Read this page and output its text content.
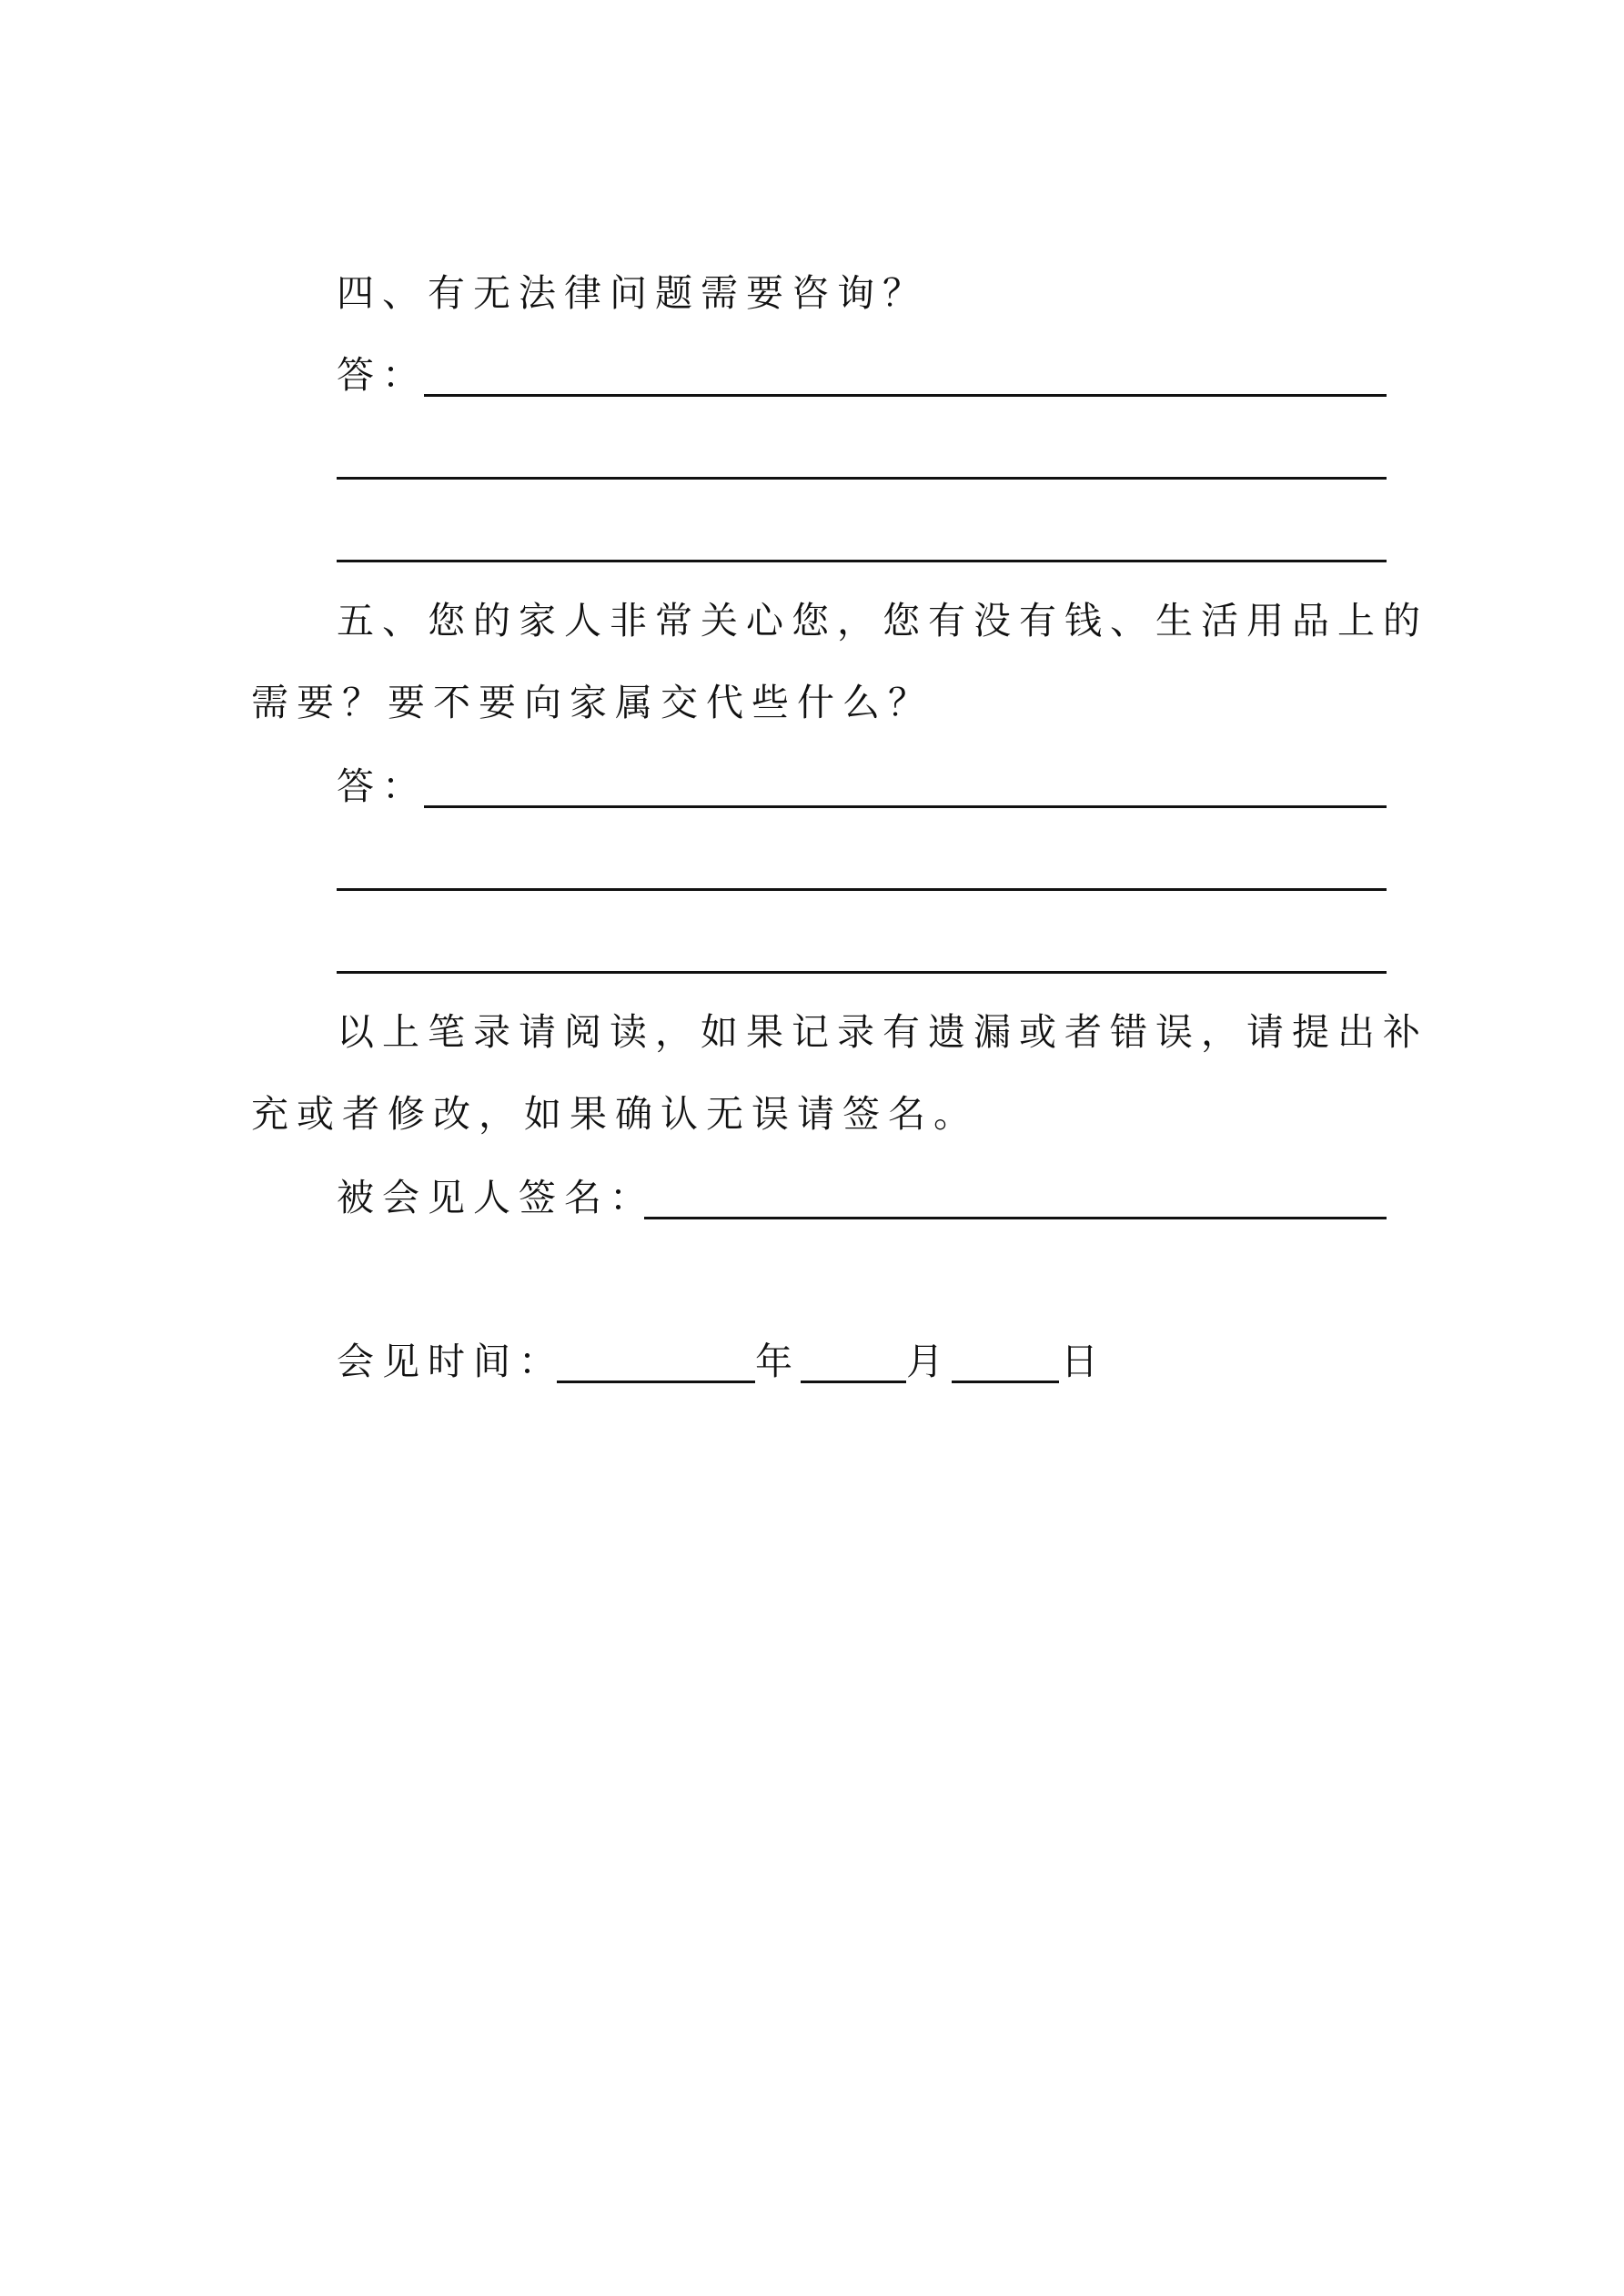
四、有无法律问题需要咨询？
答：
五、您的家人非常关心您，您有没有钱、生活用品上的
需要？要不要向家属交代些什么？
答：
以上笔录请阅读，如果记录有遗漏或者错误，请提出补
充或者修改，如果确认无误请签名。
被会见人签名：
会见时间：	年	月	日
